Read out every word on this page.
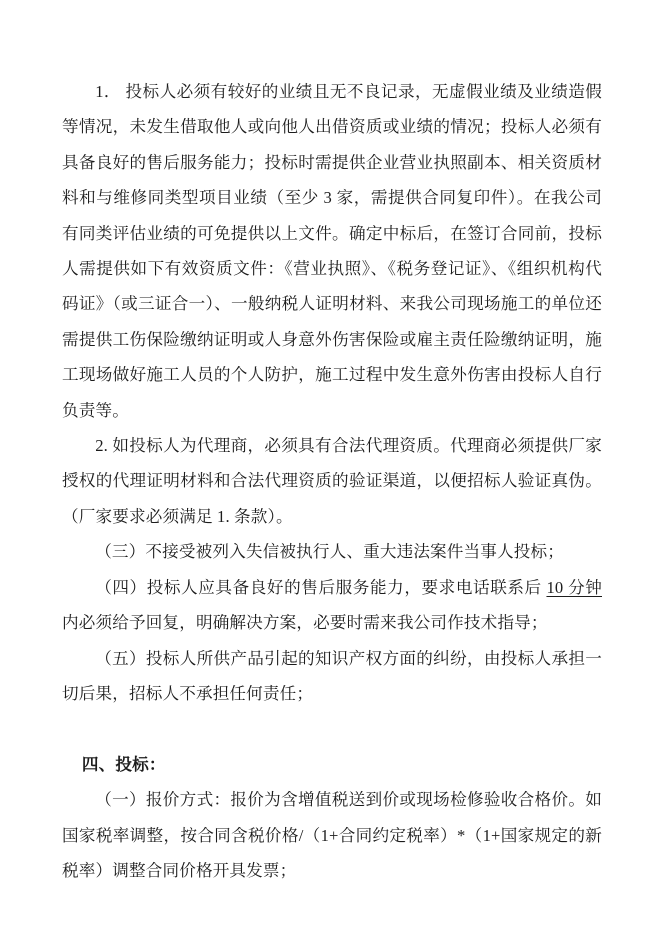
1． 投标人必须有较好的业绩且无不良记录，无虚假业绩及业绩造假等情况，未发生借取他人或向他人出借资质或业绩的情况；投标人必须有具备良好的售后服务能力；投标时需提供企业营业执照副本、相关资质材料和与维修同类型项目业绩（至少 3 家，需提供合同复印件）。在我公司有同类评估业绩的可免提供以上文件。确定中标后，在签订合同前，投标人需提供如下有效资质文件：《营业执照》、《税务登记证》、《组织机构代码证》（或三证合一）、一般纳税人证明材料、来我公司现场施工的单位还需提供工伤保险缴纳证明或人身意外伤害保险或雇主责任险缴纳证明，施工现场做好施工人员的个人防护，施工过程中发生意外伤害由投标人自行负责等。

2. 如投标人为代理商，必须具有合法代理资质。代理商必须提供厂家授权的代理证明材料和合法代理资质的验证渠道，以便招标人验证真伪。（厂家要求必须满足 1. 条款）。

（三）不接受被列入失信被执行人、重大违法案件当事人投标；

（四）投标人应具备良好的售后服务能力，要求电话联系后 10 分钟内必须给予回复，明确解决方案，必要时需来我公司作技术指导；

（五）投标人所供产品引起的知识产权方面的纠纷，由投标人承担一切后果，招标人不承担任何责任；

四、投标：

（一）报价方式：报价为含增值税送到价或现场检修验收合格价。如国家税率调整，按合同含税价格/（1+合同约定税率）*（1+国家规定的新税率）调整合同价格开具发票；
